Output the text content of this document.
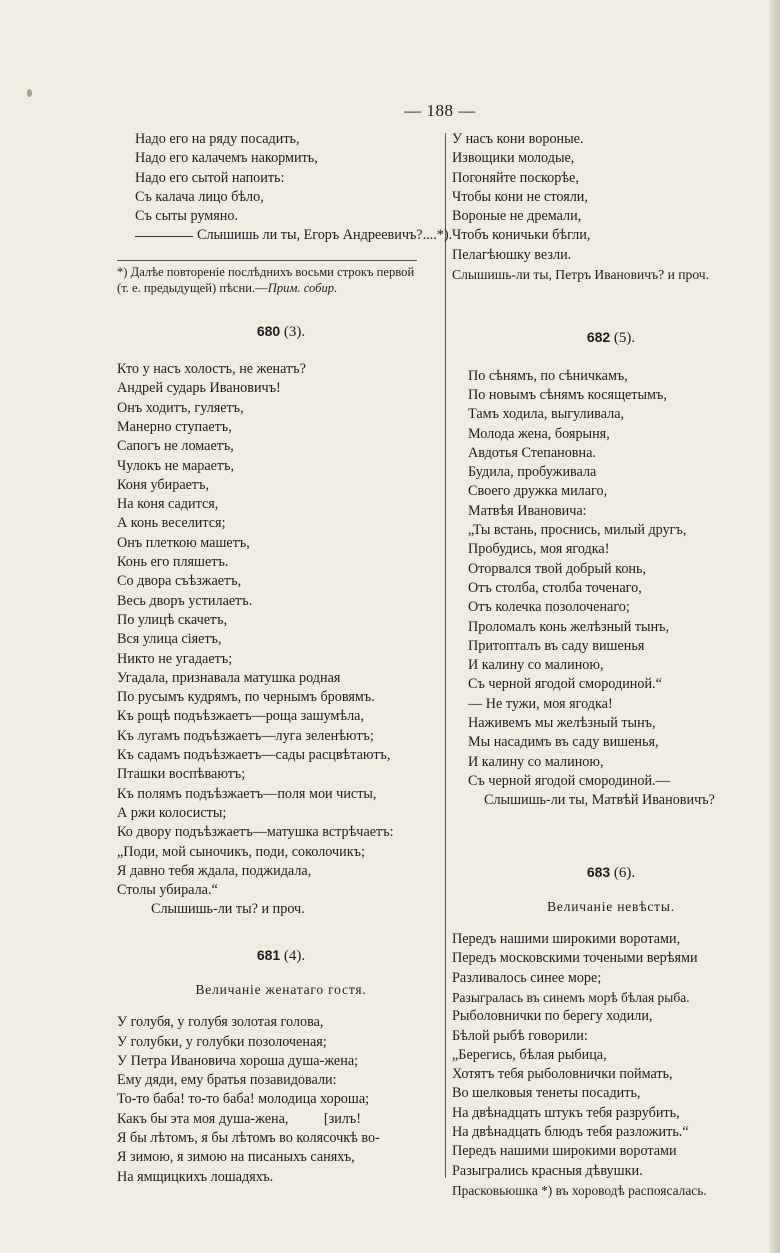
— 188 —
Надо его на ряду посадить,
Надо его калачемъ накормить,
Надо его сытой напоить:
Съ калача лицо бѣло,
Съ сыты румяно.
Слышишь ли ты, Егоръ Андреевичъ?....*).
*) Далѣе повтореніе послѣднихъ восьми строкъ первой (т. е. предыдущей) пѣсни.—Прим. собир.
680 (3).
Кто у насъ холостъ, не женатъ?
Андрей сударь Ивановичъ!
Онъ ходитъ, гуляетъ,
Манерно ступаетъ,
Сапогъ не ломаетъ,
Чулокъ не мараетъ,
Коня убираетъ,
На коня садится,
А конь веселится;
Онъ плеткою машетъ,
Конь его пляшетъ.
Со двора съѣзжаетъ,
Весь дворъ устилаетъ.
По улицѣ скачетъ,
Вся улица сіяетъ,
Никто не угадаетъ;
Угадала, признавала матушка родная
По русымъ кудрямъ, по чернымъ бровямъ.
Къ рощѣ подъѣзжаетъ—роща зашумѣла,
Къ лугамъ подъѣзжаетъ—луга зеленѣютъ;
Къ садамъ подъѣзжаетъ—сады расцвѣтаютъ,
Пташки воспѣваютъ;
Къ полямъ подъѣзжаетъ—поля мои чисты,
А ржи колосисты;
Ко двору подъѣзжаетъ—матушка встрѣчаетъ:
„Поди, мой сыночикъ, поди, соколочикъ;
Я давно тебя ждала, поджидала,
Столы убирала.“
Слышишь-ли ты? и проч.
681 (4).
Величаніе женатаго гостя.
У голубя, у голубя золотая голова,
У голубки, у голубки позолоченая;
У Петра Ивановича хороша душа-жена;
Ему дяди, ему братья позавидовали:
То-то баба! то-то баба! молодица хороша;
Какъ бы эта моя душа-жена,          [зилъ!
Я бы лѣтомъ, я бы лѣтомъ во колясочкѣ во-
Я зимою, я зимою на писаныхъ саняхъ,
На ямщицкихъ лошадяхъ.
У насъ кони вороные.
Извощики молодые,
Погоняйте поскорѣе,
Чтобы кони не стояли,
Вороные не дремали,
Чтобъ коничьки бѣгли,
Пелагѣюшку везли.
Слышишь-ли ты, Петръ Ивановичъ? и проч.
682 (5).
По сѣнямъ, по сѣничкамъ,
По новымъ сѣнямъ косящетымъ,
Тамъ ходила, выгуливала,
Молода жена, боярыня,
Авдотья Степановна.
Будила, пробуживала
Своего дружка милаго,
Матвѣя Ивановича:
„Ты встань, проснись, милый другъ,
Пробудись, моя ягодка!
Оторвался твой добрый конь,
Отъ столба, столба точенаго,
Отъ колечка позолоченаго;
Проломалъ конь желѣзный тынъ,
Притопталъ въ саду вишенья
И калину со малиною,
Съ черной ягодой смородиной.“
— Не тужи, моя ягодка!
Наживемъ мы желѣзный тынъ,
Мы насадимъ въ саду вишенья,
И калину со малиною,
Съ черной ягодой смородиной.—
Слышишь-ли ты, Матвѣй Ивановичъ?
683 (6).
Величаніе невѣсты.
Передъ нашими широкими воротами,
Передъ московскими точеными верѣями
Разливалось синее море;
Разыгралась въ синемъ морѣ бѣлая рыба.
Рыболовнички по берегу ходили,
Бѣлой рыбѣ говорили:
„Берегись, бѣлая рыбица,
Хотятъ тебя рыболовнички поймать,
Во шелковыя тенеты посадить,
На двѣнадцать штукъ тебя разрубить,
На двѣнадцать блюдъ тебя разложить.“
Передъ нашими широкими воротами
Разыгрались красныя дѣвушки.
Прасковьюшка *) въ хороводѣ распоясалась.
